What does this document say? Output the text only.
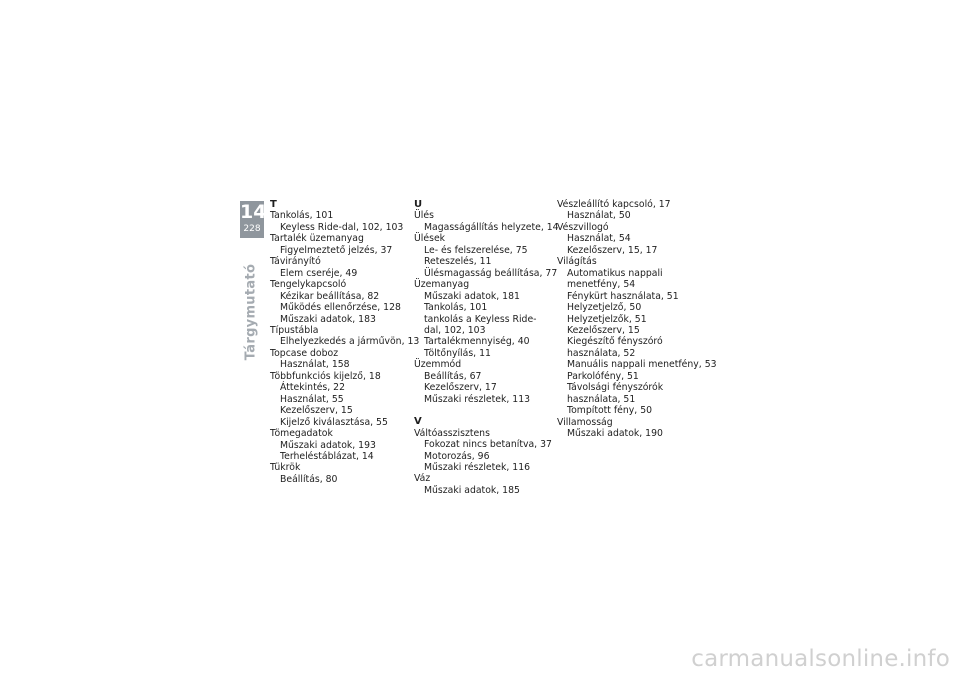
14
228
Tárgymutató
T
Tankolás, 101
Keyless Ride-dal, 102, 103
Tartalék üzemanyag
Figyelmeztető jelzés, 37
Távirányító
Elem cseréje, 49
Tengelykapcsoló
Kézikar beállítása, 82
Működés ellenőrzése, 128
Műszaki adatok, 183
Típustábla
Elhelyezkedés a járművön, 13
Topcase doboz
Használat, 158
Többfunkciós kijelző, 18
Áttekintés, 22
Használat, 55
Kezelőszerv, 15
Kijelző kiválasztása, 55
Tömegadatok
Műszaki adatok, 193
Terheléstáblázat, 14
Tükrök
Beállítás, 80
U
Ülés
Magasságállítás helyzete, 14
Ülések
Le- és felszerelése, 75
Reteszelés, 11
Ülésmagasság beállítása, 77
Üzemanyag
Műszaki adatok, 181
Tankolás, 101
tankolás a Keyless Ride-
dal, 102, 103
Tartalékmennyiség, 40
Töltőnyílás, 11
Üzemmód
Beállítás, 67
Kezelőszerv, 17
Műszaki részletek, 113
V
Váltóasszisztens
Fokozat nincs betanítva, 37
Motorozás, 96
Műszaki részletek, 116
Váz
Műszaki adatok, 185
Vészleállító kapcsoló, 17
Használat, 50
Vészvillogó
Használat, 54
Kezelőszerv, 15, 17
Világítás
Automatikus nappali
menetfény, 54
Fénykürt használata, 51
Helyzetjelző, 50
Helyzetjelzők, 51
Kezelőszerv, 15
Kiegészítő fényszóró
használata, 52
Manuális nappali menetfény, 53
Parkolófény, 51
Távolsági fényszórók
használata, 51
Tompított fény, 50
Villamosság
Műszaki adatok, 190
carmanualsonline.info
